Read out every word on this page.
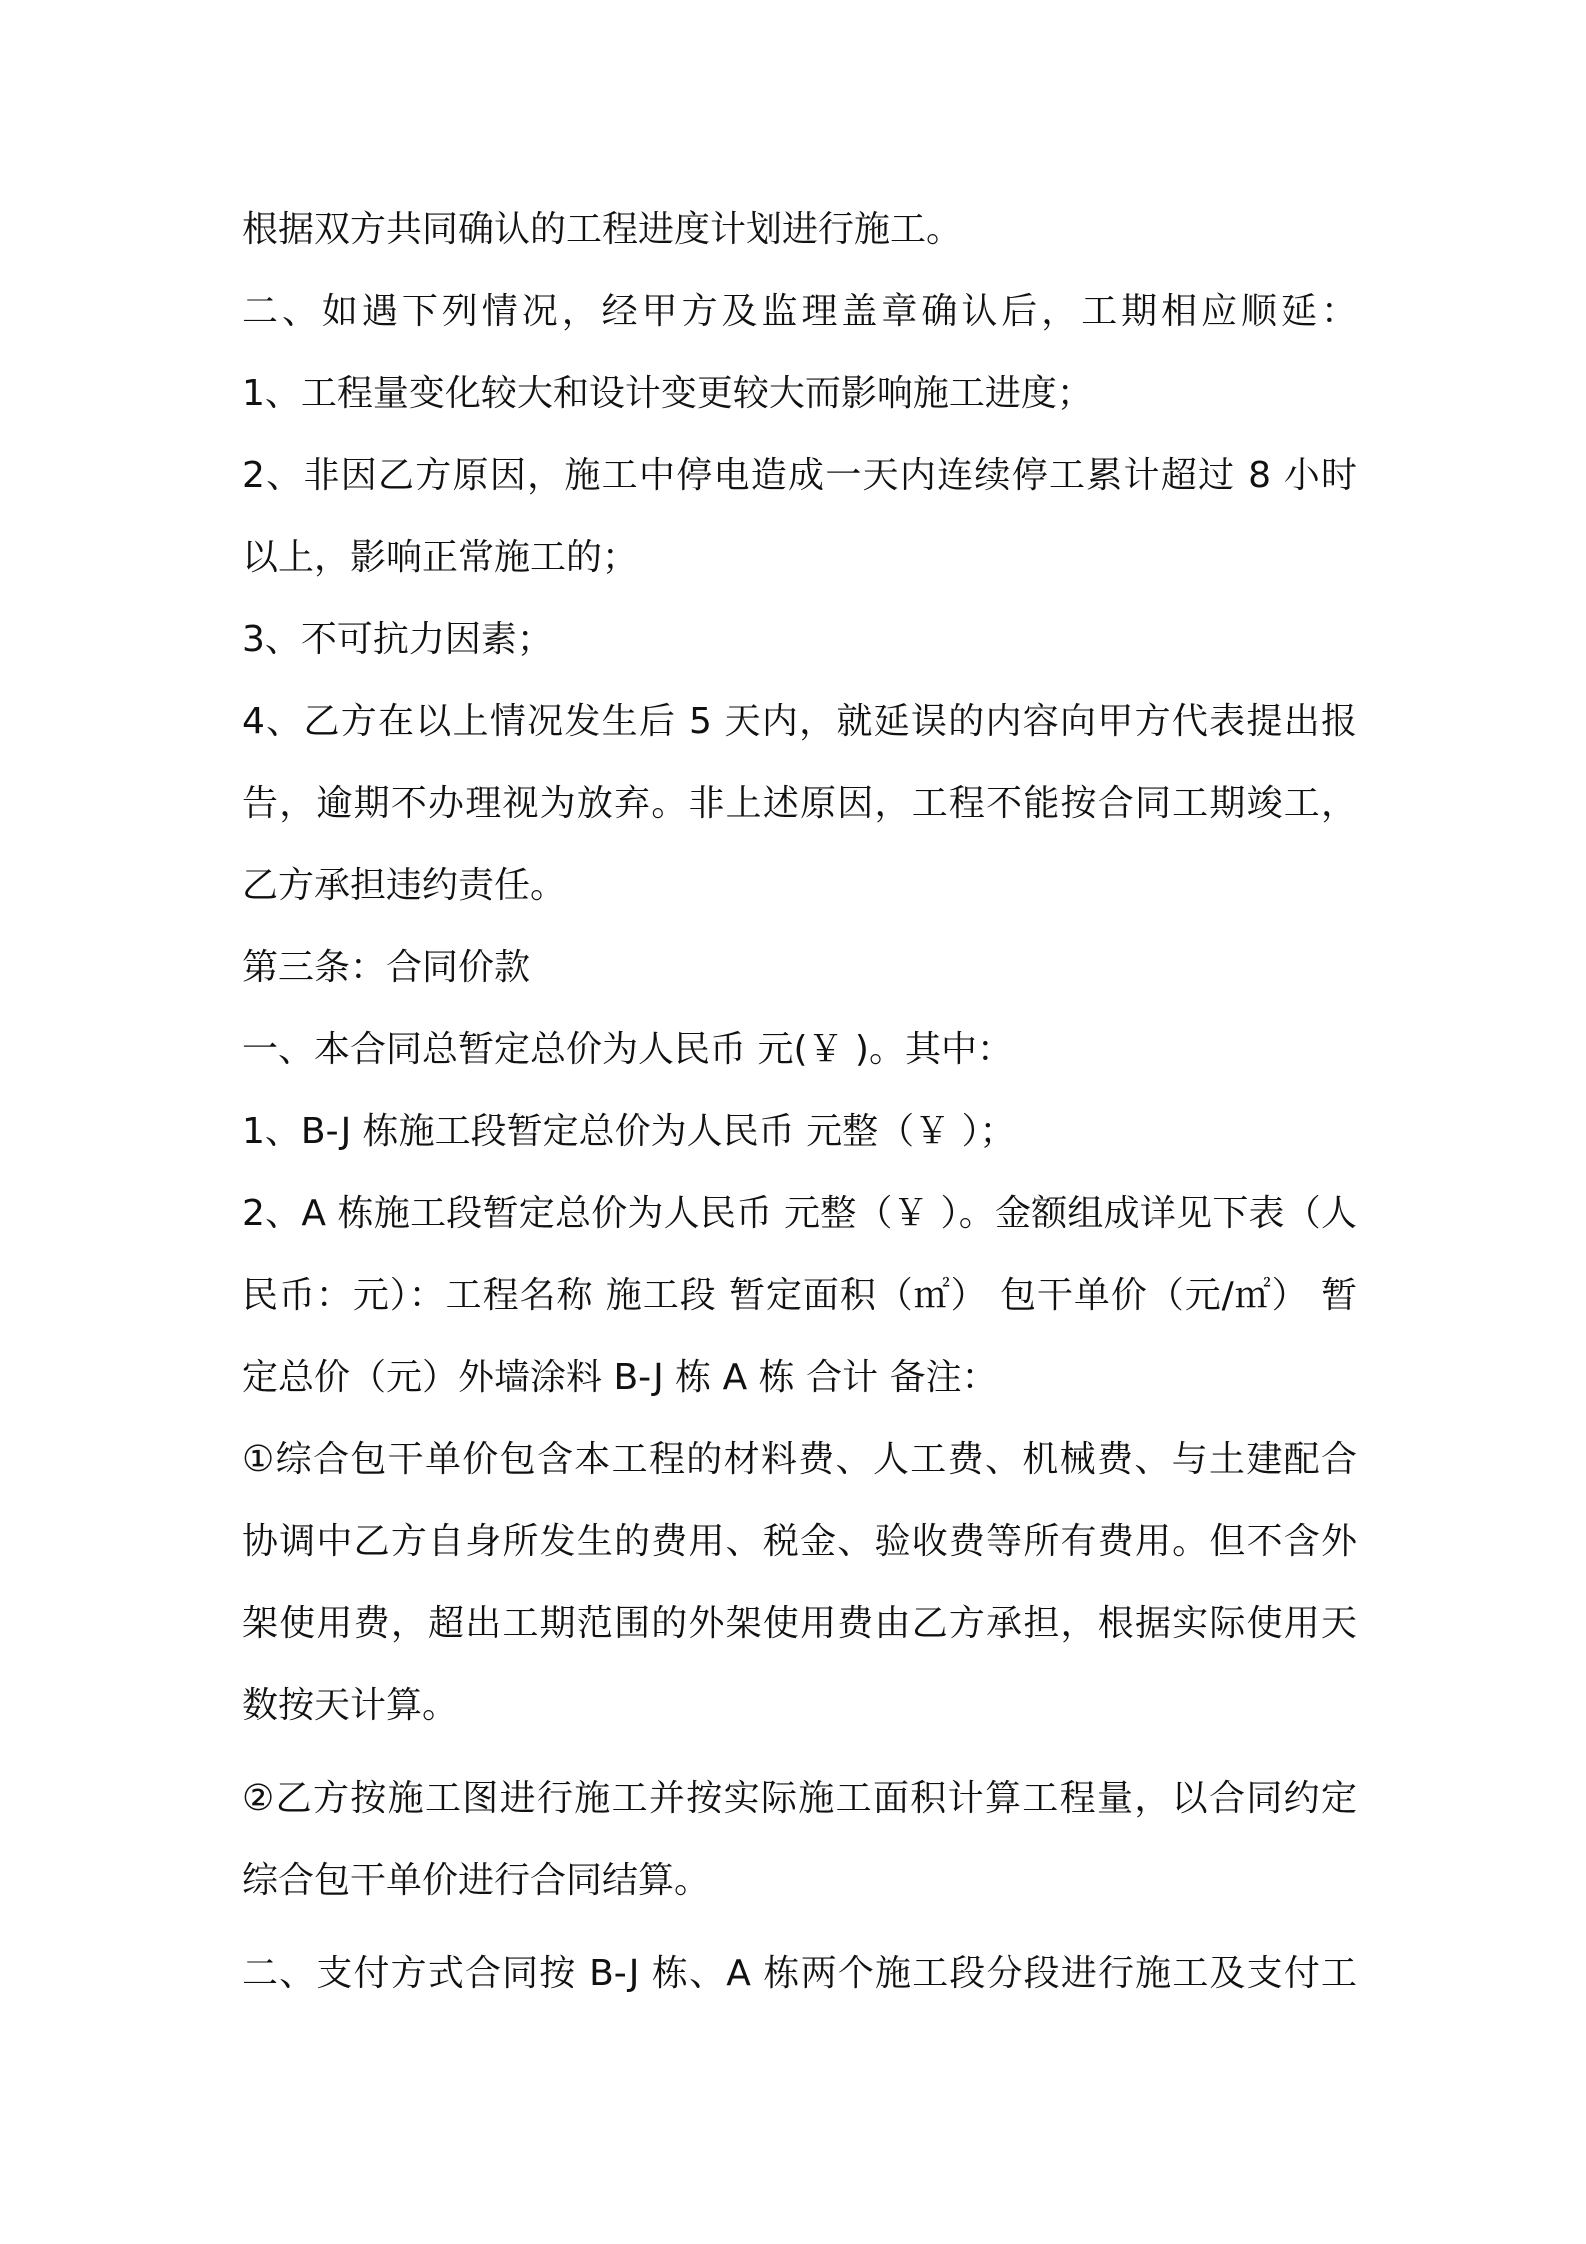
根据双方共同确认的工程进度计划进行施工。
二、如遇下列情况，经甲方及监理盖章确认后，工期相应顺延：
1、工程量变化较大和设计变更较大而影响施工进度；
2、非因乙方原因，施工中停电造成一天内连续停工累计超过 8 小时
以上，影响正常施工的；
3、不可抗力因素；
4、乙方在以上情况发生后 5 天内，就延误的内容向甲方代表提出报
告，逾期不办理视为放弃。非上述原因，工程不能按合同工期竣工，
乙方承担违约责任。
第三条：合同价款
一、本合同总暂定总价为人民币 元(￥ )。其中：
1、B-J 栋施工段暂定总价为人民币 元整（￥ ）；
2、A 栋施工段暂定总价为人民币 元整（￥ ）。金额组成详见下表（人
民币：元）：工程名称 施工段 暂定面积（㎡） 包干单价（元/㎡） 暂
定总价（元）外墙涂料 B-J 栋 A 栋 合计 备注：
①综合包干单价包含本工程的材料费、人工费、机械费、与土建配合
协调中乙方自身所发生的费用、税金、验收费等所有费用。但不含外
架使用费，超出工期范围的外架使用费由乙方承担，根据实际使用天
数按天计算。
②乙方按施工图进行施工并按实际施工面积计算工程量，以合同约定
综合包干单价进行合同结算。
二、支付方式合同按 B-J 栋、A 栋两个施工段分段进行施工及支付工
